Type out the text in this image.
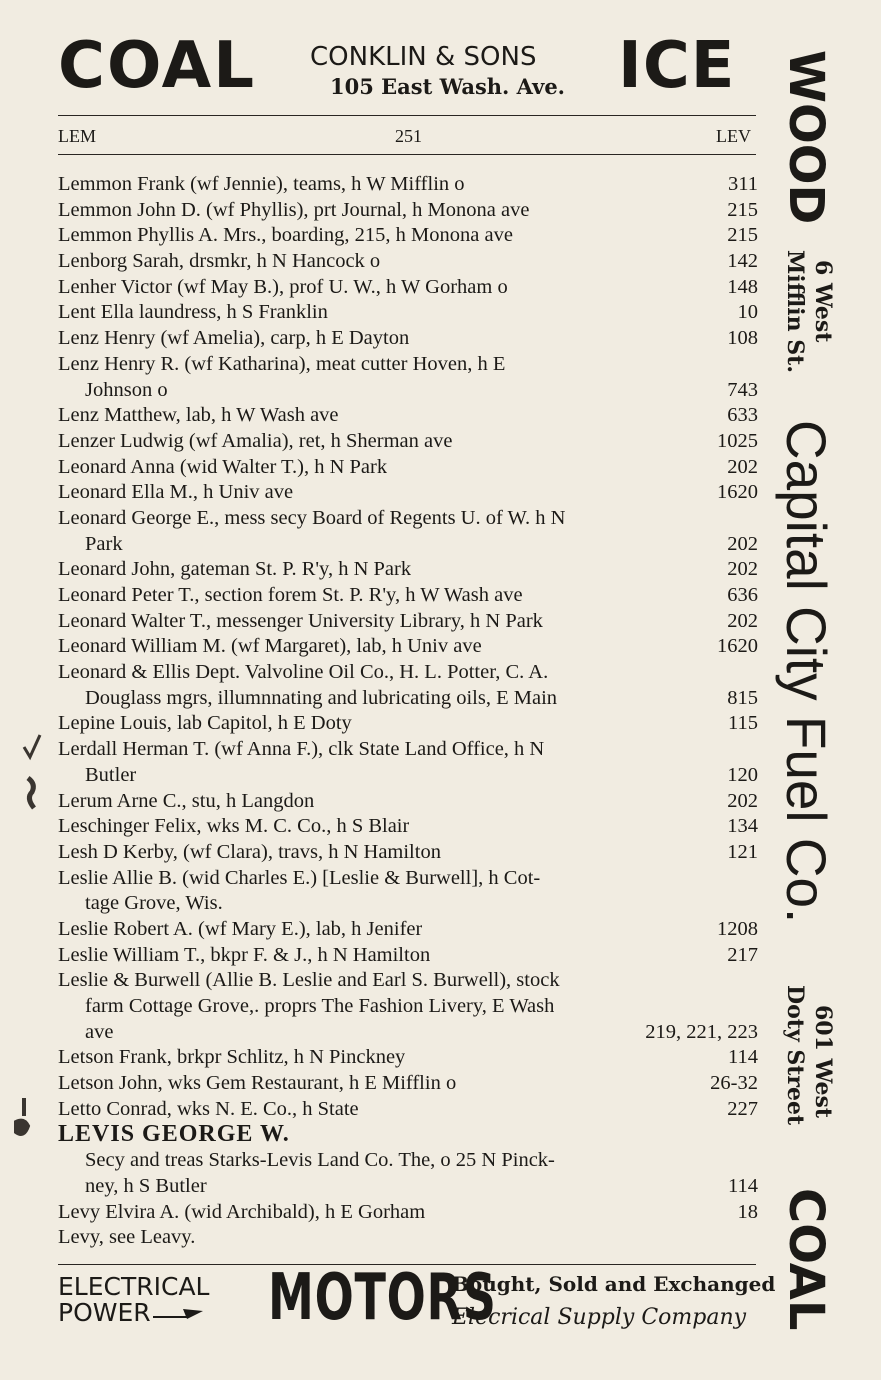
COAL CONKLIN & SONS
105 East Wash. Ave. ICE
LEM	251	LEV
Lemmon Frank (wf Jennie), teams, h W Mifflin o	311
Lemmon John D. (wf Phyllis), prt Journal, h Monona ave	215
Lemmon Phyllis A. Mrs., boarding, 215, h Monona ave	215
Lenborg Sarah, drsmkr, h N Hancock o	142
Lenher Victor (wf May B.), prof U. W., h W Gorham o	148
Lent Ella laundress, h S Franklin	10
Lenz Henry (wf Amelia), carp, h E Dayton	108
Lenz Henry R. (wf Katharina), meat cutter Hoven, h E
Johnson o	743
Lenz Matthew, lab, h W Wash ave	633
Lenzer Ludwig (wf Amalia), ret, h Sherman ave	1025
Leonard Anna (wid Walter T.), h N Park	202
Leonard Ella M., h Univ ave	1620
Leonard George E., mess secy Board of Regents U. of W. h N
Park	202
Leonard John, gateman St. P. R'y, h N Park	202
Leonard Peter T., section forem St. P. R'y, h W Wash ave	636
Leonard Walter T., messenger University Library, h N Park	202
Leonard William M. (wf Margaret), lab, h Univ ave	1620
Leonard & Ellis Dept. Valvoline Oil Co., H. L. Potter, C. A.
Douglass mgrs, illumnnating and lubricating oils, E Main	815
Lepine Louis, lab Capitol, h E Doty	115
Lerdall Herman T. (wf Anna F.), clk State Land Office, h N
Butler	120
Lerum Arne C., stu, h Langdon	202
Leschinger Felix, wks M. C. Co., h S Blair	134
Lesh D Kerby, (wf Clara), travs, h N Hamilton	121
Leslie Allie B. (wid Charles E.) [Leslie & Burwell], h Cot-
tage Grove, Wis.
Leslie Robert A. (wf Mary E.), lab, h Jenifer	1208
Leslie William T., bkpr F. & J., h N Hamilton	217
Leslie & Burwell (Allie B. Leslie and Earl S. Burwell), stock
farm Cottage Grove,. proprs The Fashion Livery, E Wash
ave	219, 221, 223
Letson Frank, brkpr Schlitz, h N Pinckney	114
Letson John, wks Gem Restaurant, h E Mifflin o	26-32
Letto Conrad, wks N. E. Co., h State	227
LEVIS GEORGE W.
Secy and treas Starks-Levis Land Co. The, o 25 N Pinck-
ney, h S Butler	114
Levy Elvira A. (wid Archibald), h E Gorham	18
Levy, see Leavy.
WOOD
6 West
Mifflin St.
Capital City Fuel Co.
601 West
Doty Street
COAL
ELECTRICAL
POWER MOTORS
Bought, Sold and Exchanged
Elecrical Supply Company
